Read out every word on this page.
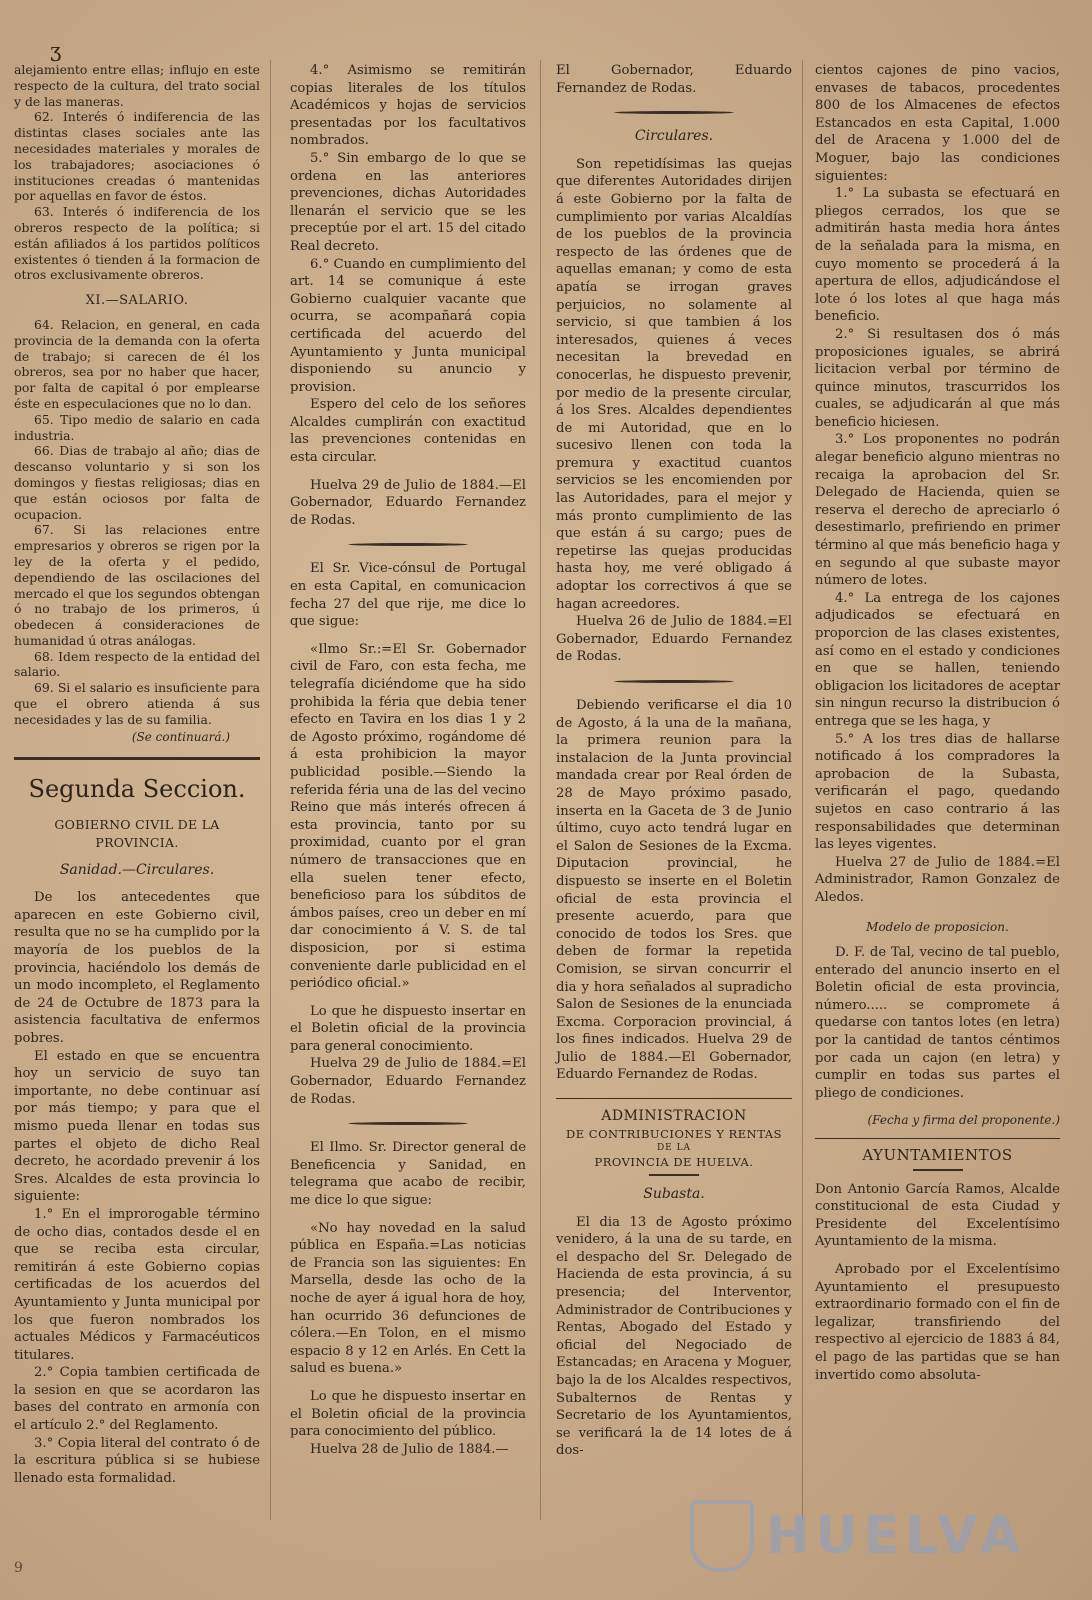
ʒ

alejamiento entre ellas; influjo en este respecto de la cultura, del trato social y de las maneras.

62. Interés ó indiferencia de las distintas clases sociales ante las necesidades materiales y morales de los trabajadores; asociaciones ó instituciones creadas ó mantenidas por aquellas en favor de éstos.

63. Interés ó indiferencia de los obreros respecto de la política; si están afiliados á los partidos políticos existentes ó tienden á la formacion de otros exclusivamente obreros.

XI.—SALARIO.

64. Relacion, en general, en cada provincia de la demanda con la oferta de trabajo; si carecen de él los obreros, sea por no haber que hacer, por falta de capital ó por emplearse éste en especulaciones que no lo dan.

65. Tipo medio de salario en cada industria.

66. Dias de trabajo al año; dias de descanso voluntario y si son los domingos y fiestas religiosas; dias en que están ociosos por falta de ocupacion.

67. Si las relaciones entre empresarios y obreros se rigen por la ley de la oferta y el pedido, dependiendo de las oscilaciones del mercado el que los segundos obtengan ó no trabajo de los primeros, ú obedecen á consideraciones de humanidad ú otras análogas.

68. Idem respecto de la entidad del salario.

69. Si el salario es insuficiente para que el obrero atienda á sus necesidades y las de su familia.

(Se continuará.)
Segunda Seccion.
GOBIERNO CIVIL DE LA PROVINCIA.
Sanidad.—Circulares.

De los antecedentes que aparecen en este Gobierno civil, resulta que no se ha cumplido por la mayoría de los pueblos de la provincia, haciéndolo los demás de un modo incompleto, el Reglamento de 24 de Octubre de 1873 para la asistencia facultativa de enfermos pobres.

El estado en que se encuentra hoy un servicio de suyo tan importante, no debe continuar así por más tiempo; y para que el mismo pueda llenar en todas sus partes el objeto de dicho Real decreto, he acordado prevenir á los Sres. Alcaldes de esta provincia lo siguiente:

1.° En el improrogable término de ocho dias, contados desde el en que se reciba esta circular, remitirán á este Gobierno copias certificadas de los acuerdos del Ayuntamiento y Junta municipal por los que fueron nombrados los actuales Médicos y Farmacéuticos titulares.

2.° Copia tambien certificada de la sesion en que se acordaron las bases del contrato en armonía con el artículo 2.° del Reglamento.

3.° Copia literal del contrato ó de la escritura pública si se hubiese llenado esta formalidad.

4.° Asimismo se remitirán copias literales de los títulos Académicos y hojas de servicios presentadas por los facultativos nombrados.

5.° Sin embargo de lo que se ordena en las anteriores prevenciones, dichas Autoridades llenarán el servicio que se les preceptúe por el art. 15 del citado Real decreto.

6.° Cuando en cumplimiento del art. 14 se comunique á este Gobierno cualquier vacante que ocurra, se acompañará copia certificada del acuerdo del Ayuntamiento y Junta municipal disponiendo su anuncio y provision.

Espero del celo de los señores Alcaldes cumplirán con exactitud las prevenciones contenidas en esta circular.

Huelva 29 de Julio de 1884.—El Gobernador, Eduardo Fernandez de Rodas.

El Sr. Vice-cónsul de Portugal en esta Capital, en comunicacion fecha 27 del que rije, me dice lo que sigue:

«Ilmo Sr.:=El Sr. Gobernador civil de Faro, con esta fecha, me telegrafía diciéndome que ha sido prohibida la féria que debia tener efecto en Tavira en los dias 1 y 2 de Agosto próximo, rogándome dé á esta prohibicion la mayor publicidad posible.—Siendo la referida féria una de las del vecino Reino que más interés ofrecen á esta provincia, tanto por su proximidad, cuanto por el gran número de transacciones que en ella suelen tener efecto, beneficioso para los súbditos de ámbos países, creo un deber en mí dar conocimiento á V. S. de tal disposicion, por si estima conveniente darle publicidad en el periódico oficial.»

Lo que he dispuesto insertar en el Boletin oficial de la provincia para general conocimiento.

Huelva 29 de Julio de 1884.=El Gobernador, Eduardo Fernandez de Rodas.

El Ilmo. Sr. Director general de Beneficencia y Sanidad, en telegrama que acabo de recibir, me dice lo que sigue:

«No hay novedad en la salud pública en España.=Las noticias de Francia son las siguientes: En Marsella, desde las ocho de la noche de ayer á igual hora de hoy, han ocurrido 36 defunciones de cólera.—En Tolon, en el mismo espacio 8 y 12 en Arlés. En Cett la salud es buena.»

Lo que he dispuesto insertar en el Boletin oficial de la provincia para conocimiento del público.

Huelva 28 de Julio de 1884.—

El Gobernador, Eduardo Fernandez de Rodas.

Circulares.

Son repetidísimas las quejas que diferentes Autoridades dirijen á este Gobierno por la falta de cumplimiento por varias Alcaldías de los pueblos de la provincia respecto de las órdenes que de aquellas emanan; y como de esta apatía se irrogan graves perjuicios, no solamente al servicio, si que tambien á los interesados, quienes á veces necesitan la brevedad en conocerlas, he dispuesto prevenir, por medio de la presente circular, á los Sres. Alcaldes dependientes de mi Autoridad, que en lo sucesivo llenen con toda la premura y exactitud cuantos servicios se les encomienden por las Autoridades, para el mejor y más pronto cumplimiento de las que están á su cargo; pues de repetirse las quejas producidas hasta hoy, me veré obligado á adoptar los correctivos á que se hagan acreedores.

Huelva 26 de Julio de 1884.=El Gobernador, Eduardo Fernandez de Rodas.

Debiendo verificarse el dia 10 de Agosto, á la una de la mañana, la primera reunion para la instalacion de la Junta provincial mandada crear por Real órden de 28 de Mayo próximo pasado, inserta en la Gaceta de 3 de Junio último, cuyo acto tendrá lugar en el Salon de Sesiones de la Excma. Diputacion provincial, he dispuesto se inserte en el Boletin oficial de esta provincia el presente acuerdo, para que conocido de todos los Sres. que deben de formar la repetida Comision, se sirvan concurrir el dia y hora señalados al supradicho Salon de Sesiones de la enunciada Excma. Corporacion provincial, á los fines indicados. Huelva 29 de Julio de 1884.—El Gobernador, Eduardo Fernandez de Rodas.

ADMINISTRACION
DE CONTRIBUCIONES Y RENTAS
DE LA
PROVINCIA DE HUELVA.
Subasta.

El dia 13 de Agosto próximo venidero, á la una de su tarde, en el despacho del Sr. Delegado de Hacienda de esta provincia, á su presencia; del Interventor, Administrador de Contribuciones y Rentas, Abogado del Estado y oficial del Negociado de Estancadas; en Aracena y Moguer, bajo la de los Alcaldes respectivos, Subalternos de Rentas y Secretario de los Ayuntamientos, se verificará la de 14 lotes de á dos-

cientos cajones de pino vacios, envases de tabacos, procedentes 800 de los Almacenes de efectos Estancados en esta Capital, 1.000 del de Aracena y 1.000 del de Moguer, bajo las condiciones siguientes:

1.° La subasta se efectuará en pliegos cerrados, los que se admitirán hasta media hora ántes de la señalada para la misma, en cuyo momento se procederá á la apertura de ellos, adjudicándose el lote ó los lotes al que haga más beneficio.

2.° Si resultasen dos ó más proposiciones iguales, se abrirá licitacion verbal por término de quince minutos, trascurridos los cuales, se adjudicarán al que más beneficio hiciesen.

3.° Los proponentes no podrán alegar beneficio alguno mientras no recaiga la aprobacion del Sr. Delegado de Hacienda, quien se reserva el derecho de apreciarlo ó desestimarlo, prefiriendo en primer término al que más beneficio haga y en segundo al que subaste mayor número de lotes.

4.° La entrega de los cajones adjudicados se efectuará en proporcion de las clases existentes, así como en el estado y condiciones en que se hallen, teniendo obligacion los licitadores de aceptar sin ningun recurso la distribucion ó entrega que se les haga, y

5.° A los tres dias de hallarse notificado á los compradores la aprobacion de la Subasta, verificarán el pago, quedando sujetos en caso contrario á las responsabilidades que determinan las leyes vigentes.

Huelva 27 de Julio de 1884.=El Administrador, Ramon Gonzalez de Aledos.

Modelo de proposicion.

D. F. de Tal, vecino de tal pueblo, enterado del anuncio inserto en el Boletin oficial de esta provincia, número..... se compromete á quedarse con tantos lotes (en letra) por la cantidad de tantos céntimos por cada un cajon (en letra) y cumplir en todas sus partes el pliego de condiciones.

(Fecha y firma del proponente.)
AYUNTAMIENTOS

Don Antonio García Ramos, Alcalde constitucional de esta Ciudad y Presidente del Excelentísimo Ayuntamiento de la misma.

Aprobado por el Excelentísimo Ayuntamiento el presupuesto extraordinario formado con el fin de legalizar, transfiriendo del respectivo al ejercicio de 1883 á 84, el pago de las partidas que se han invertido como absoluta-

HUELVA
9
